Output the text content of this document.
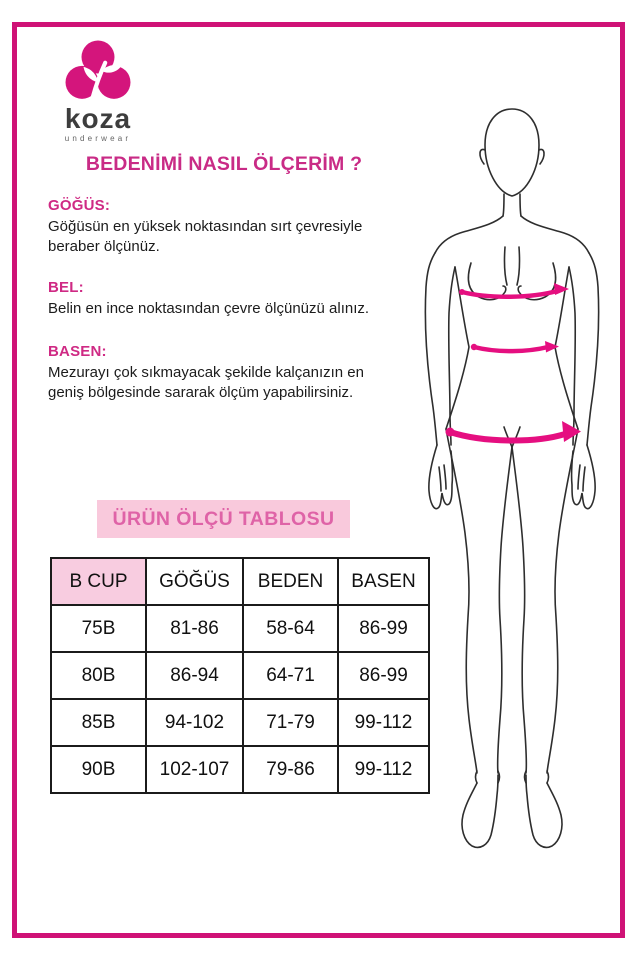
koza
underwear
BEDENİMİ NASIL ÖLÇERİM ?
GÖĞÜS:

Göğüsün en yüksek noktasından sırt çevresiyle beraber ölçünüz.

BEL:

Belin en ince noktasından çevre ölçünüzü alınız.

BASEN:

Mezurayı çok sıkmayacak şekilde kalçanızın en geniş bölgesinde sararak ölçüm yapabilirsiniz.

ÜRÜN ÖLÇÜ TABLOSU
B CUP	GÖĞÜS	BEDEN	BASEN
75B	81-86	58-64	86-99
80B	86-94	64-71	86-99
85B	94-102	71-79	99-112
90B	102-107	79-86	99-112
